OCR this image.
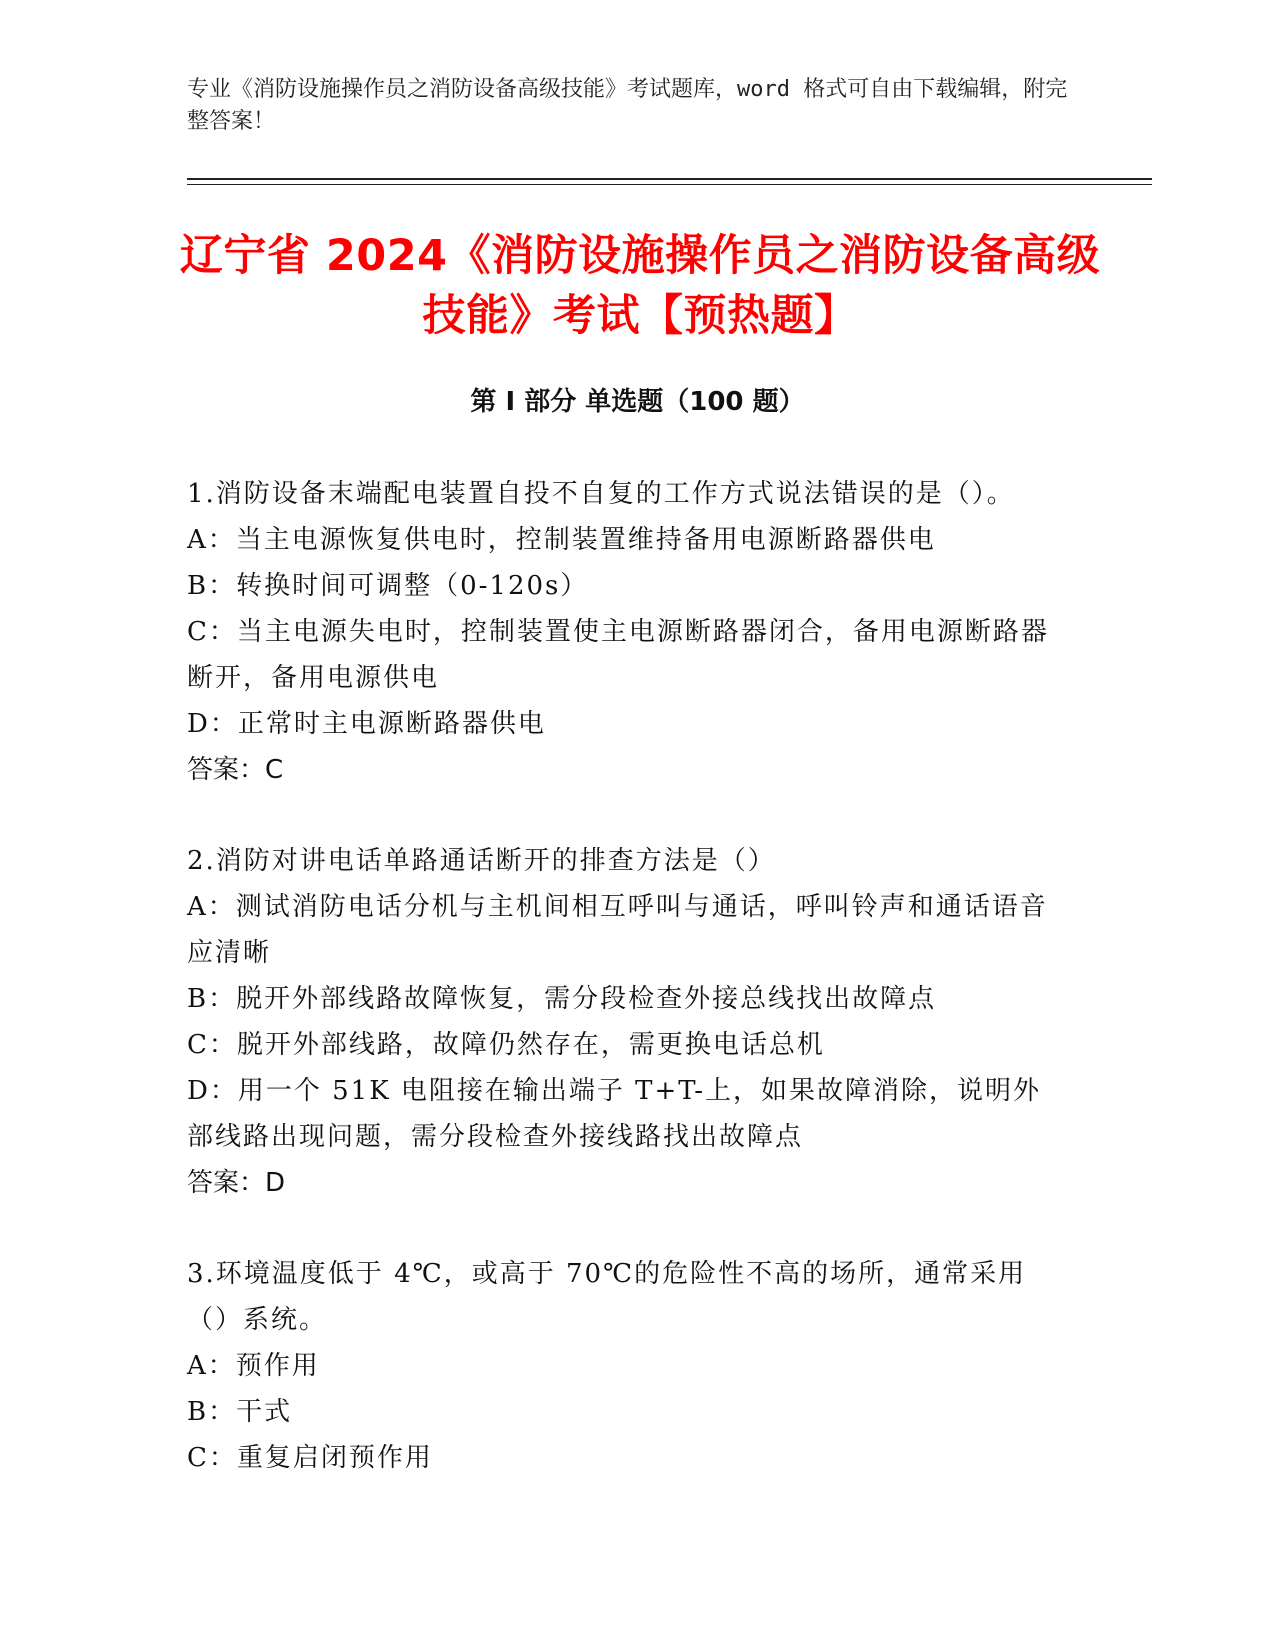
专业《消防设施操作员之消防设备高级技能》考试题库，word 格式可自由下载编辑，附完整答案！
辽宁省 2024《消防设施操作员之消防设备高级技能》考试【预热题】
第 I 部分 单选题（100 题）

1.消防设备末端配电装置自投不自复的工作方式说法错误的是（）。

A：当主电源恢复供电时，控制装置维持备用电源断路器供电

B：转换时间可调整（0-120s）

C：当主电源失电时，控制装置使主电源断路器闭合，备用电源断路器断开，备用电源供电

D：正常时主电源断路器供电

答案：C

2.消防对讲电话单路通话断开的排查方法是（）

A：测试消防电话分机与主机间相互呼叫与通话，呼叫铃声和通话语音应清晰

B：脱开外部线路故障恢复，需分段检查外接总线找出故障点

C：脱开外部线路，故障仍然存在，需更换电话总机

D：用一个 51K 电阻接在输出端子 T+T-上，如果故障消除，说明外部线路出现问题，需分段检查外接线路找出故障点

答案：D

3.环境温度低于 4℃，或高于 70℃的危险性不高的场所，通常采用（）系统。

A：预作用

B：干式

C：重复启闭预作用
